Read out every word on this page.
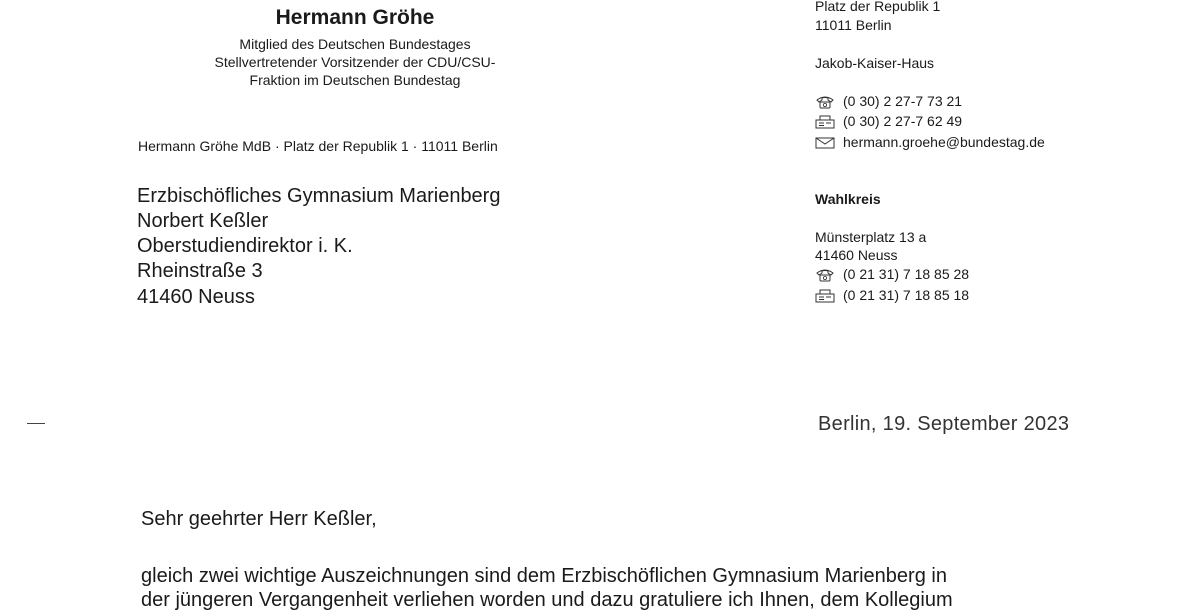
Hermann Gröhe
Mitglied des Deutschen Bundestages
Stellvertretender Vorsitzender der CDU/CSU-
Fraktion im Deutschen Bundestag
Hermann Gröhe MdB · Platz der Republik 1 · 11011 Berlin
Erzbischöfliches Gymnasium Marienberg
Norbert Keßler
Oberstudiendirektor i. K.
Rheinstraße 3
41460 Neuss
Platz der Republik 1
11011 Berlin
Jakob-Kaiser-Haus
(0 30) 2 27-7 73 21
(0 30) 2 27-7 62 49
hermann.groehe@bundestag.de
Wahlkreis
Münsterplatz 13 a
41460 Neuss
(0 21 31) 7 18 85 28
(0 21 31) 7 18 85 18
Berlin, 19. September 2023
Sehr geehrter Herr Keßler,
gleich zwei wichtige Auszeichnungen sind dem Erzbischöflichen Gymnasium Marienberg in
der jüngeren Vergangenheit verliehen worden und dazu gratuliere ich Ihnen, dem Kollegium
